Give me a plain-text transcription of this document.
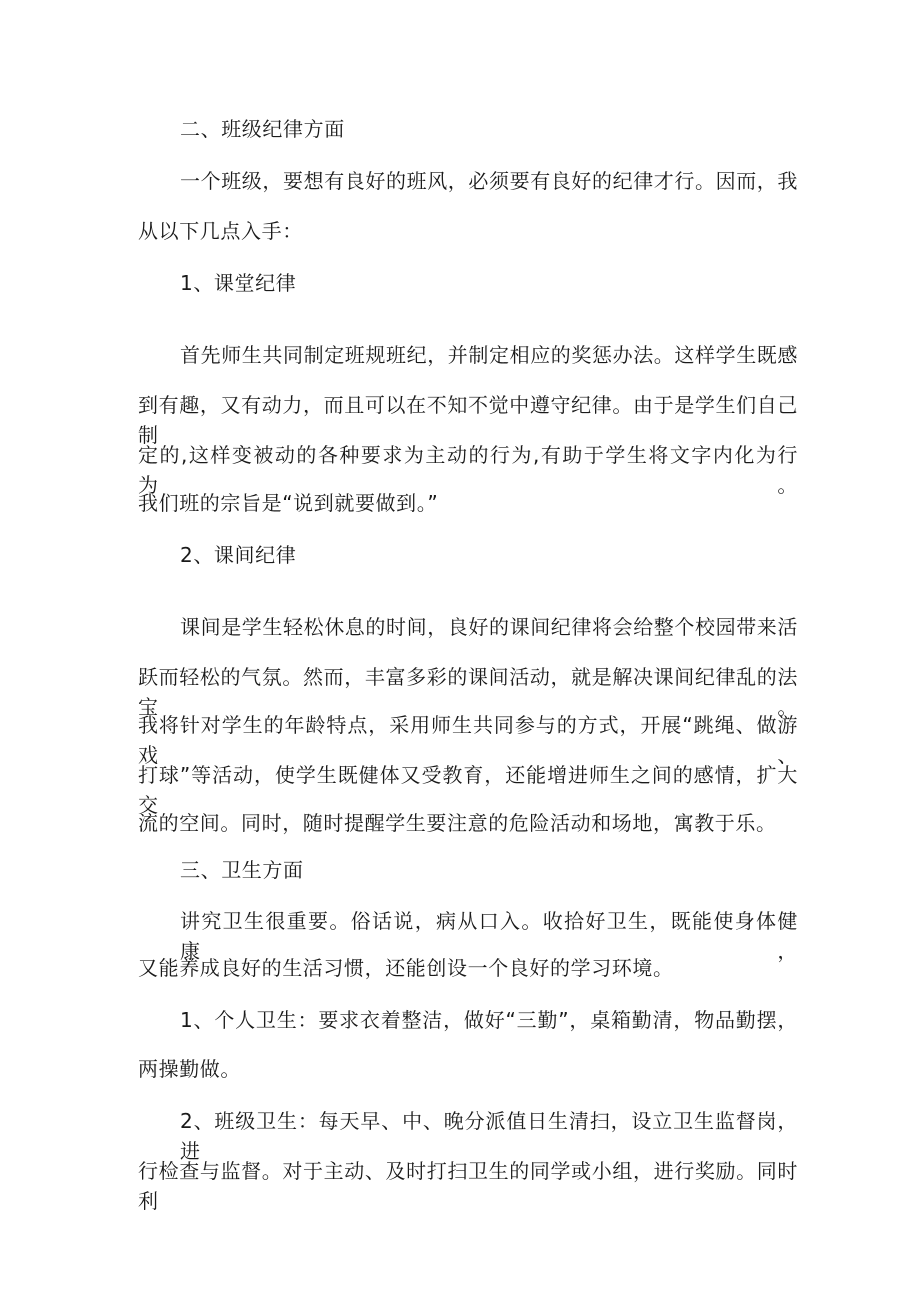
二、班级纪律方面
一个班级，要想有良好的班风，必须要有良好的纪律才行。因而，我
从以下几点入手：
1、课堂纪律
首先师生共同制定班规班纪，并制定相应的奖惩办法。这样学生既感
到有趣，又有动力，而且可以在不知不觉中遵守纪律。由于是学生们自己制
定的,这样变被动的各种要求为主动的行为,有助于学生将文字内化为行为。
我们班的宗旨是“说到就要做到。”
2、课间纪律
课间是学生轻松休息的时间，良好的课间纪律将会给整个校园带来活
跃而轻松的气氛。然而，丰富多彩的课间活动，就是解决课间纪律乱的法宝。
我将针对学生的年龄特点，采用师生共同参与的方式，开展“跳绳、做游戏、
打球”等活动，使学生既健体又受教育，还能增进师生之间的感情，扩大交
流的空间。同时，随时提醒学生要注意的危险活动和场地，寓教于乐。
三、卫生方面
讲究卫生很重要。俗话说，病从口入。收拾好卫生，既能使身体健康，
又能养成良好的生活习惯，还能创设一个良好的学习环境。
1、个人卫生：要求衣着整洁，做好“三勤”，桌箱勤清，物品勤摆，
两操勤做。
2、班级卫生：每天早、中、晚分派值日生清扫，设立卫生监督岗，进
行检查与监督。对于主动、及时打扫卫生的同学或小组，进行奖励。同时利
